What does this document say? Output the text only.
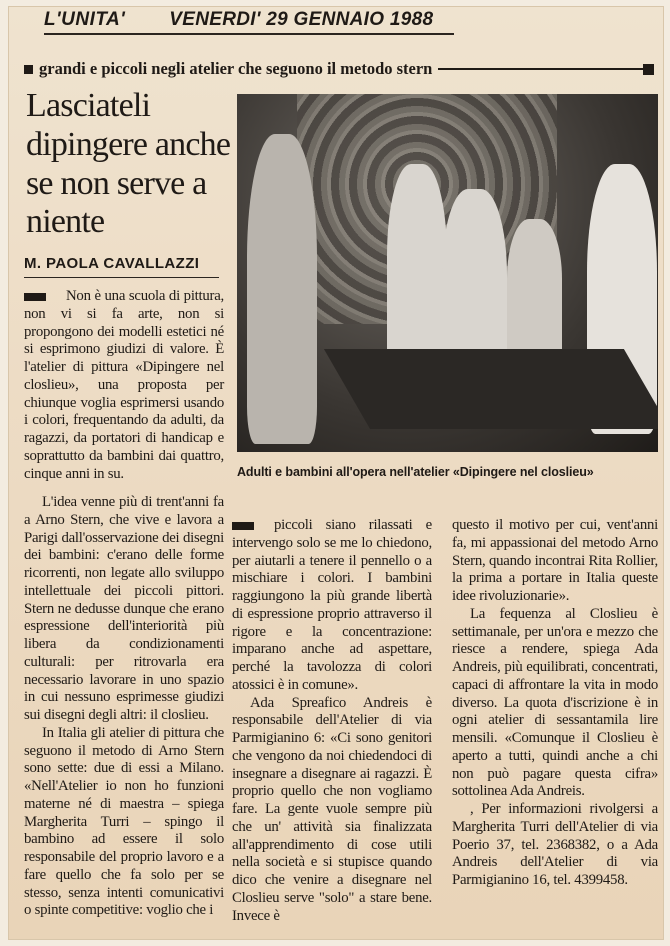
L'UNITA' VENERDI' 29 GENNAIO 1988
grandi e piccoli negli atelier che seguono il metodo stern
Lasciateli dipingere anche se non serve a niente
M. PAOLA CAVALLAZZI
Adulti e bambini all'opera nell'atelier «Dipingere nel closlieu»

Non è una scuola di pittura, non vi si fa arte, non si propongono dei modelli estetici né si esprimono giudizi di valore. È l'atelier di pittura «Dipingere nel closlieu», una proposta per chiunque voglia esprimersi usando i colori, frequentando da adulti, da ragazzi, da portatori di handicap e soprattutto da bambini dai quattro, cinque anni in su.

L'idea venne più di trent'anni fa a Arno Stern, che vive e lavora a Parigi dall'osservazione dei disegni dei bambini: c'erano delle forme ricorrenti, non legate allo sviluppo intellettuale dei piccoli pittori. Stern ne dedusse dunque che erano espressione dell'interiorità più libera da condizionamenti culturali: per ritrovarla era necessario lavorare in uno spazio in cui nessuno esprimesse giudizi sui disegni degli altri: il closlieu.

In Italia gli atelier di pittura che seguono il metodo di Arno Stern sono sette: due di essi a Milano. «Nell'Atelier io non ho funzioni materne né di maestra – spiega Margherita Turri – spingo il bambino ad essere il solo responsabile del proprio lavoro e a fare quello che fa solo per se stesso, senza intenti comunicativi o spinte competitive: voglio che i

piccoli siano rilassati e intervengo solo se me lo chiedono, per aiutarli a tenere il pennello o a mischiare i colori. I bambini raggiungono la più grande libertà di espressione proprio attraverso il rigore e la concentrazione: imparano anche ad aspettare, perché la tavolozza di colori atossici è in comune».

Ada Spreafico Andreis è responsabile dell'Atelier di via Parmigianino 6: «Ci sono genitori che vengono da noi chiedendoci di insegnare a disegnare ai ragazzi. È proprio quello che non vogliamo fare. La gente vuole sempre più che un' attività sia finalizzata all'apprendimento di cose utili nella società e si stupisce quando dico che venire a disegnare nel Closlieu serve "solo" a stare bene. Invece è

questo il motivo per cui, vent'anni fa, mi appassionai del metodo Arno Stern, quando incontrai Rita Rollier, la prima a portare in Italia queste idee rivoluzionarie».

La fequenza al Closlieu è settimanale, per un'ora e mezzo che riesce a rendere, spiega Ada Andreis, più equilibrati, concentrati, capaci di affrontare la vita in modo diverso. La quota d'iscrizione è in ogni atelier di sessantamila lire mensili. «Comunque il Closlieu è aperto a tutti, quindi anche a chi non può pagare questa cifra» sottolinea Ada Andreis.

, Per informazioni rivolgersi a Margherita Turri dell'Atelier di via Poerio 37, tel. 2368382, o a Ada Andreis dell'Atelier di via Parmigianino 16, tel. 4399458.
